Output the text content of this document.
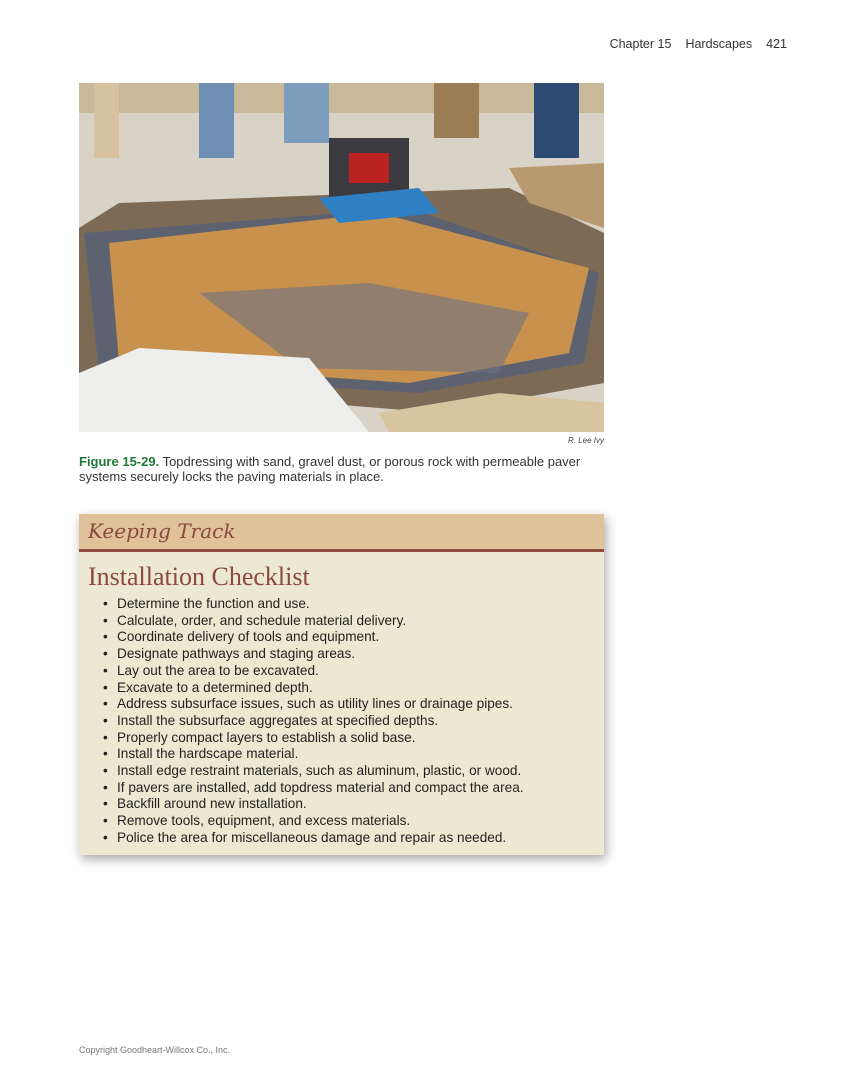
Chapter 15 Hardscapes 421
R. Lee Ivy
Figure 15-29. Topdressing with sand, gravel dust, or porous rock with permeable paver systems securely locks the paving materials in place.
Keeping Track
Installation Checklist
• Determine the function and use.
• Calculate, order, and schedule material delivery.
• Coordinate delivery of tools and equipment.
• Designate pathways and staging areas.
• Lay out the area to be excavated.
• Excavate to a determined depth.
• Address subsurface issues, such as utility lines or drainage pipes.
• Install the subsurface aggregates at specified depths.
• Properly compact layers to establish a solid base.
• Install the hardscape material.
• Install edge restraint materials, such as aluminum, plastic, or wood.
• If pavers are installed, add topdress material and compact the area.
• Backfill around new installation.
• Remove tools, equipment, and excess materials.
• Police the area for miscellaneous damage and repair as needed.
Copyright Goodheart-Willcox Co., Inc.
